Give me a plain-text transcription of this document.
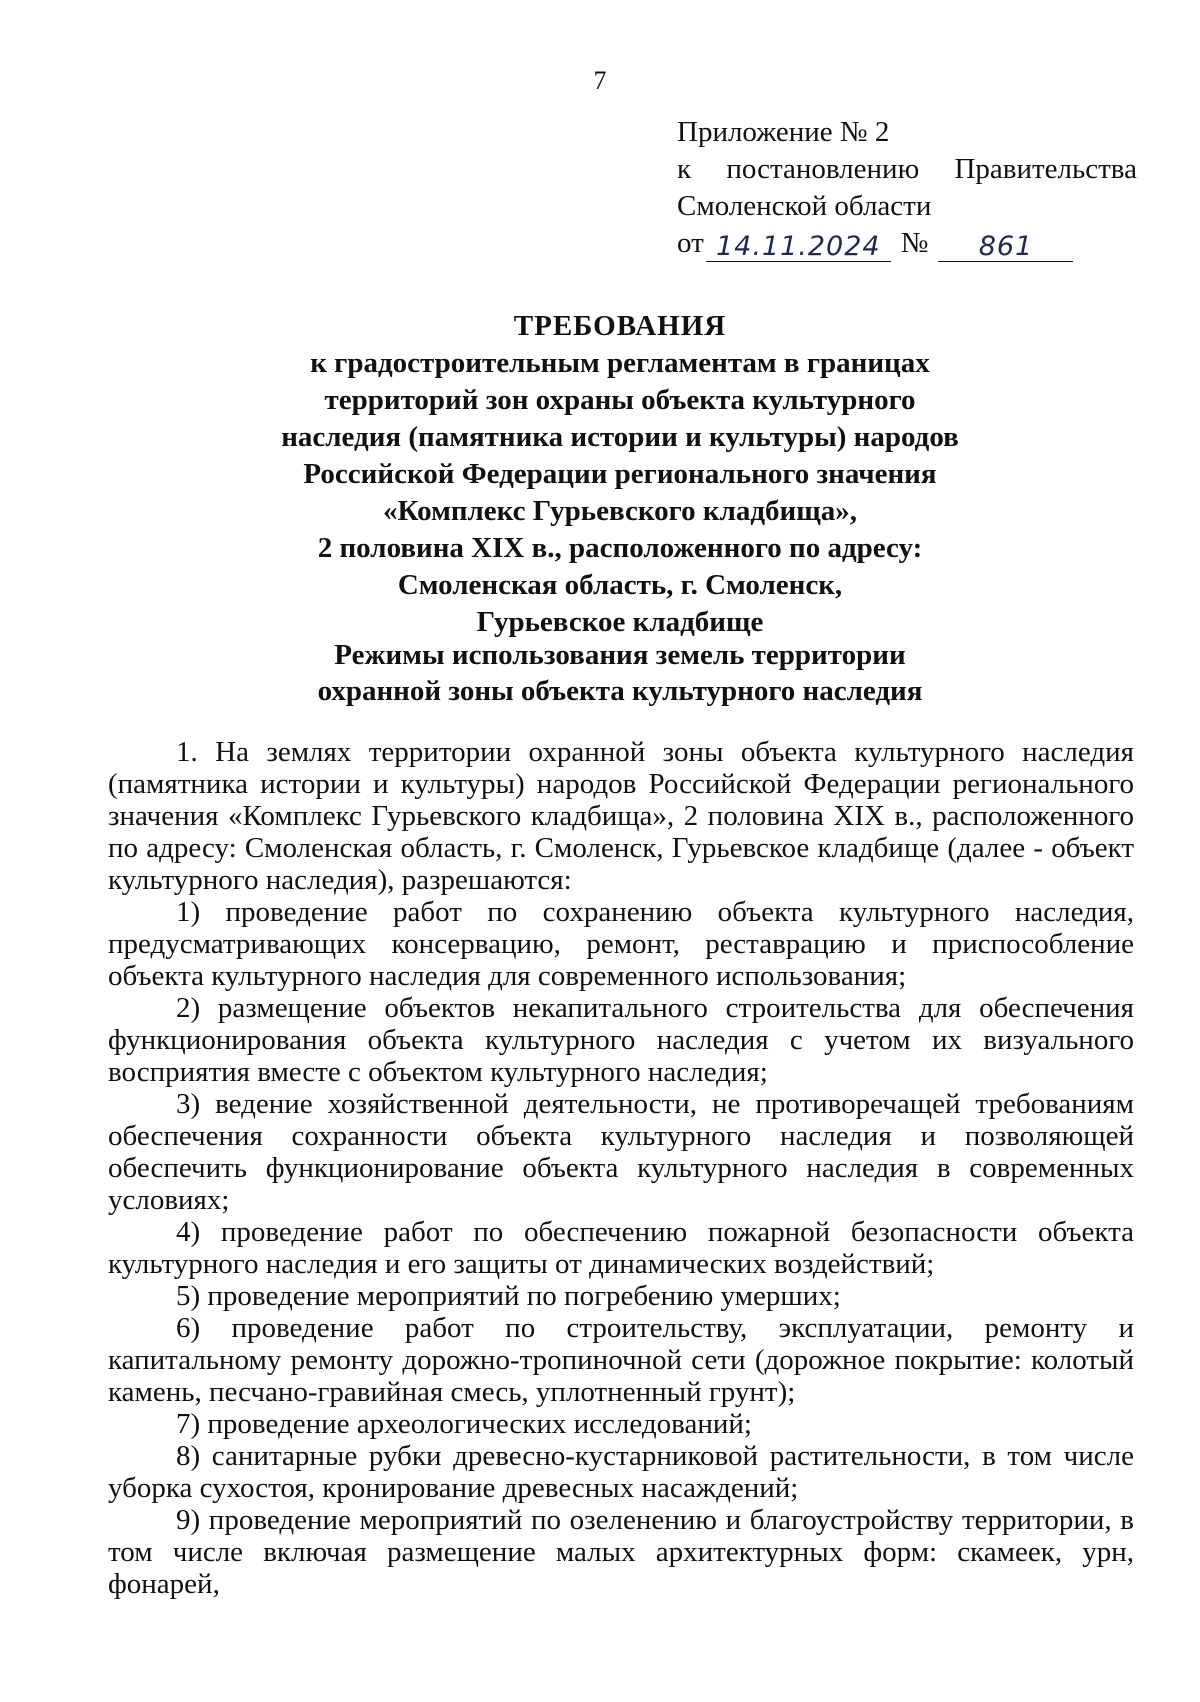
7
Приложение № 2
к постановлению Правительства
Смоленской области
от 14.11.2024 №	861
ТРЕБОВАНИЯ
к градостроительным регламентам в границах
территорий зон охраны объекта культурного
наследия (памятника истории и культуры) народов
Российской Федерации регионального значения
«Комплекс Гурьевского кладбища»,
2 половина XIX в., расположенного по адресу:
Смоленская область, г. Смоленск,
Гурьевское кладбище
Режимы использования земель территории
охранной зоны объекта культурного наследия

1. На землях территории охранной зоны объекта культурного наследия (памятника истории и культуры) народов Российской Федерации регионального значения «Комплекс Гурьевского кладбища», 2 половина XIX в., расположенного по адресу: Смоленская область, г. Смоленск, Гурьевское кладбище (далее - объект культурного наследия), разрешаются:

1) проведение работ по сохранению объекта культурного наследия, предусматривающих консервацию, ремонт, реставрацию и приспособление объекта культурного наследия для современного использования;

2) размещение объектов некапитального строительства для обеспечения функционирования объекта культурного наследия с учетом их визуального восприятия вместе с объектом культурного наследия;

3) ведение хозяйственной деятельности, не противоречащей требованиям обеспечения сохранности объекта культурного наследия и позволяющей обеспечить функционирование объекта культурного наследия в современных условиях;

4) проведение работ по обеспечению пожарной безопасности объекта культурного наследия и его защиты от динамических воздействий;

5) проведение мероприятий по погребению умерших;

6) проведение работ по строительству, эксплуатации, ремонту и капитальному ремонту дорожно-тропиночной сети (дорожное покрытие: колотый камень, песчано-гравийная смесь, уплотненный грунт);

7) проведение археологических исследований;

8) санитарные рубки древесно-кустарниковой растительности, в том числе уборка сухостоя, кронирование древесных насаждений;

9) проведение мероприятий по озеленению и благоустройству территории, в том числе включая размещение малых архитектурных форм: скамеек, урн, фонарей,
